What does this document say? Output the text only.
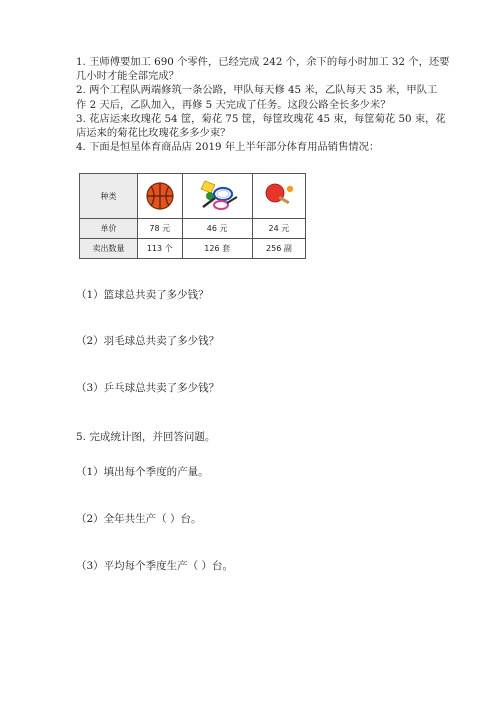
1. 王师傅要加工 690 个零件，已经完成 242 个，余下的每小时加工 32 个，还要

几小时才能全部完成？

2. 两个工程队两端修筑一条公路，甲队每天修 45 米，乙队每天 35 米，甲队工

作 2 天后，乙队加入，再修 5 天完成了任务。这段公路全长多少米？

3. 花店运来玫瑰花 54 筐，菊花 75 筐，每筐玫瑰花 45 束，每筐菊花 50 束，花

店运来的菊花比玫瑰花多多少束？

4. 下面是恒星体育商品店 2019 年上半年部分体育用品销售情况：

种类			
单价	78 元	46 元	24 元
卖出数量	113 个	126 套	256 副
（1）篮球总共卖了多少钱？
（2）羽毛球总共卖了多少钱？
（3）乒乓球总共卖了多少钱？
5. 完成统计图，并回答问题。
（1）填出每个季度的产量。
（2）全年共生产（ ）台。
（3）平均每个季度生产（ ）台。
